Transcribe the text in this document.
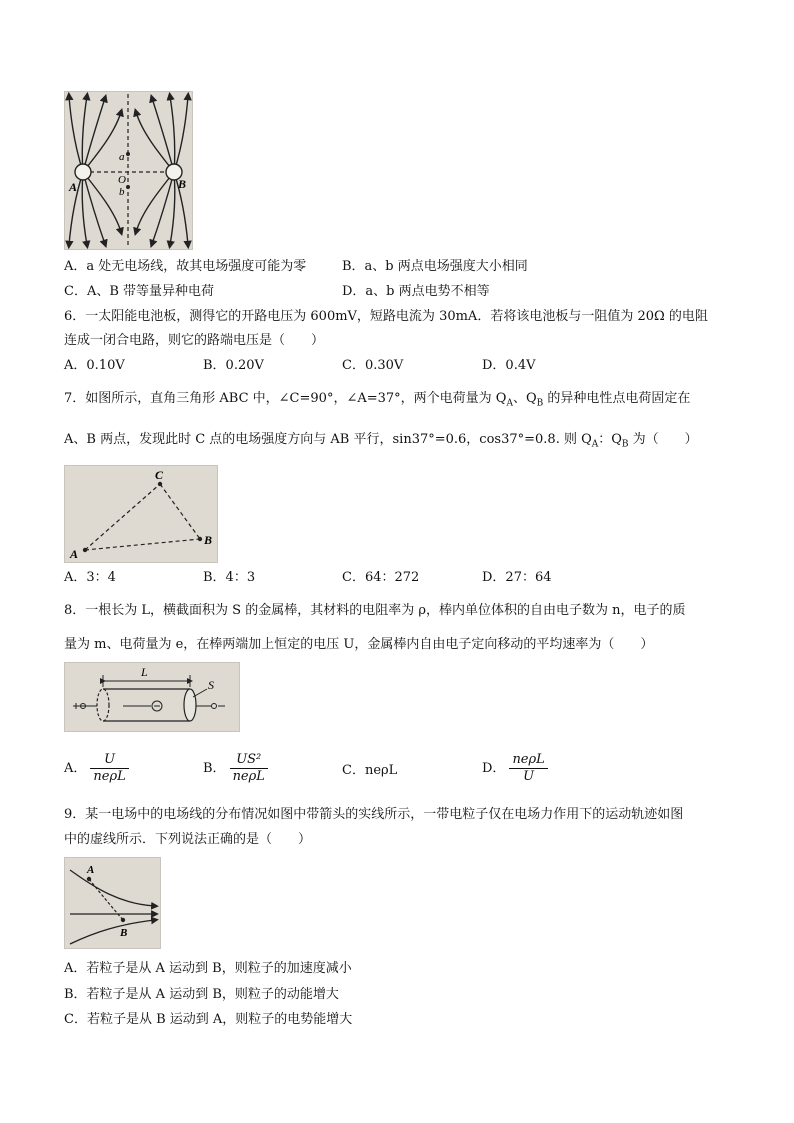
a
O
b
A	B
A．a 处无电场线，故其电场强度可能为零	B．a、b 两点电场强度大小相同
C．A、B 带等量异种电荷	D．a、b 两点电势不相等
6．一太阳能电池板，测得它的开路电压为 600mV，短路电流为 30mA．若将该电池板与一阻值为 20Ω 的电阻
连成一闭合电路，则它的路端电压是（　　）
A．0.10V	B．0.20V	C．0.30V	D．0.4V
7．如图所示，直角三角形 ABC 中，∠C=90°，∠A=37°，两个电荷量为 $Q_A$、$Q_B$ 的异种电性点电荷固定在
A、B 两点，发现此时 C 点的电场强度方向与 AB 平行，sin37°=0.6，cos37°=0.8. 则 $Q_A$：$Q_B$ 为（　　）
A
B
C
A．3：4	B．4：3	C．64：272	D．27：64
8．一根长为 L，横截面积为 S 的金属棒，其材料的电阻率为 ρ，棒内单位体积的自由电子数为 n，电子的质
量为 m、电荷量为 e，在棒两端加上恒定的电压 U，金属棒内自由电子定向移动的平均速率为（　　）
L
S
A． $\frac{U}{\text{neρL}}$	B． $\frac{\text{US²}}{\text{neρL}}$	C．neρL	D． $\frac{\text{neρL}}{U}$
9．某一电场中的电场线的分布情况如图中带箭头的实线所示，一带电粒子仅在电场力作用下的运动轨迹如图
中的虚线所示．下列说法正确的是（　　）
A
B
A．若粒子是从 A 运动到 B，则粒子的加速度减小
B．若粒子是从 A 运动到 B，则粒子的动能增大
C．若粒子是从 B 运动到 A，则粒子的电势能增大
